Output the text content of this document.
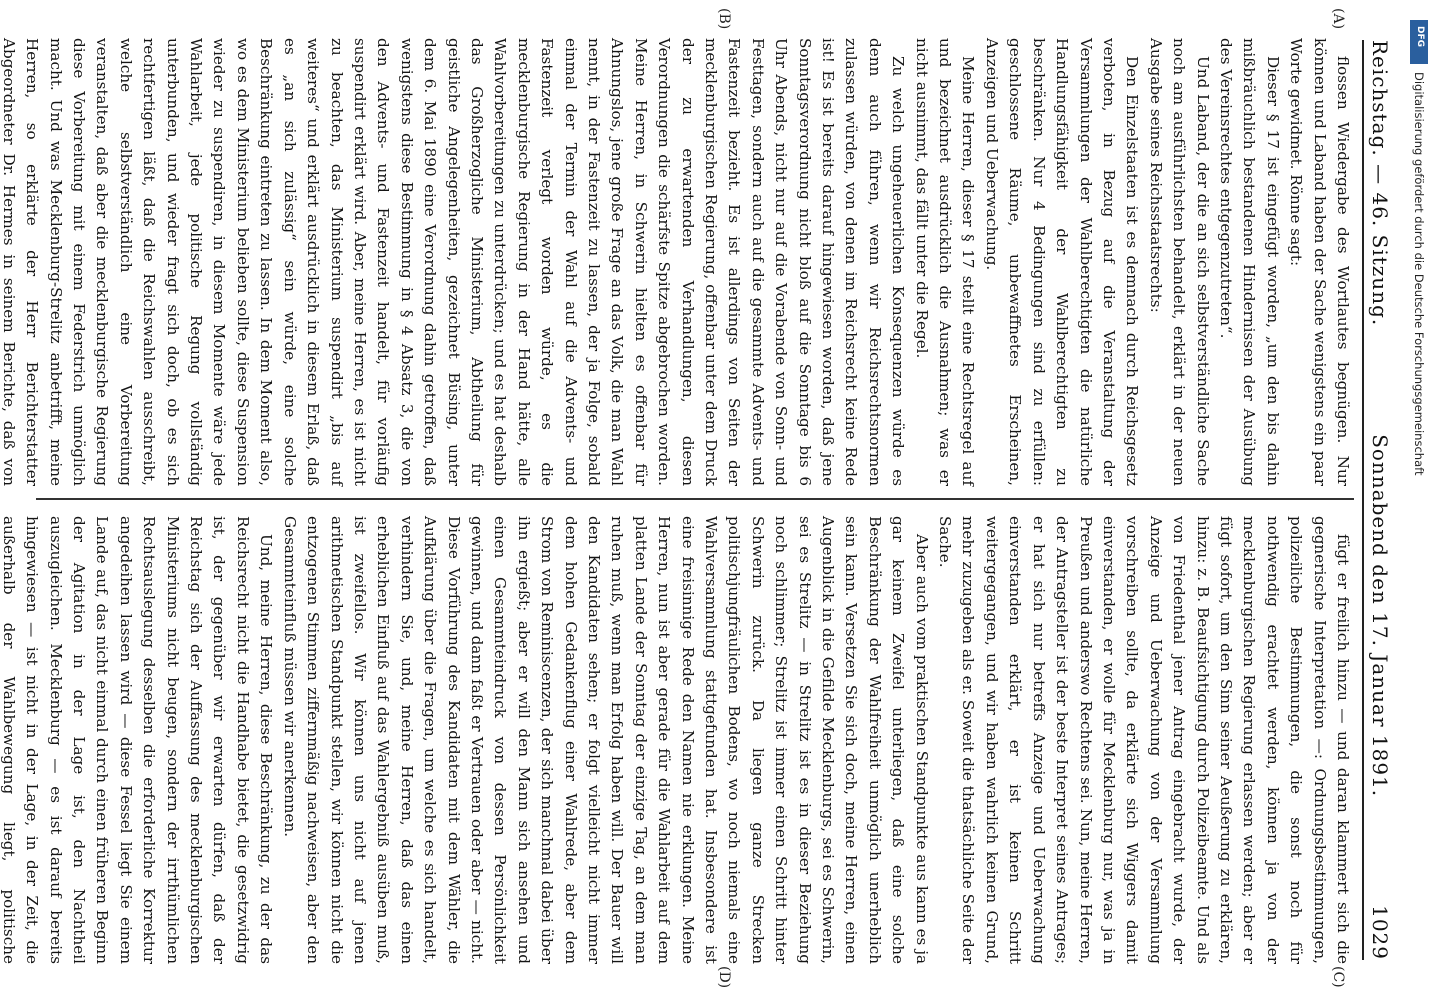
Reichstag. — 46. Sitzung.
Sonnabend den 17. Januar 1891.
1029
(A)
(B)
(C)
(D)

flossen Wiedergabe des Wortlautes begnügen. Nur können und Laband haben der Sache wenigstens ein paar Worte gewidmet. Rönne sagt:

Dieser § 17 ist eingefügt worden, „um den bis dahin mißbräuchlich bestandenen Hindernissen der Ausübung des Vereinsrechtes entgegenzutreten“.

Und Laband, der die an sich selbstverständliche Sache noch am ausführlichsten behandelt, erklärt in der neuen Ausgabe seines Reichsstaatsrechts:

Den Einzelstaaten ist es demnach durch Reichsgesetz verboten, in Bezug auf die Veranstaltung der Versammlungen der Wahlberechtigten die natürliche Handlungsfähigkeit der Wahlberechtigten zu beschränken. Nur 4 Bedingungen sind zu erfüllen: geschlossene Räume, unbewaffnetes Erscheinen, Anzeigen und Ueberwachung.

Meine Herren, dieser § 17 stellt eine Rechtsregel auf und bezeichnet ausdrücklich die Ausnahmen; was er nicht ausnimmt, das fällt unter die Regel.

Zu welch ungeheuerlichen Konsequenzen würde es denn auch führen, wenn wir Reichsrechtsnormen zulassen würden, von denen im Reichsrecht keine Rede ist! Es ist bereits darauf hingewiesen worden, daß jene Sonntagsverordnung nicht bloß auf die Sonntage bis 6 Uhr Abends, nicht nur auf die Vorabende von Sonn- und Festtagen, sondern auch auf die gesammte Advents- und Fastenzeit bezieht. Es ist allerdings von Seiten der mecklenburgischen Regierung, offenbar unter dem Druck der zu erwartenden Verhandlungen, diesen Verordnungen die schärfste Spitze abgebrochen worden. Meine Herren, in Schwerin hielten es offenbar für Ahnungslos, jene große Frage an das Volk, die man Wahl nennt, in der Fastenzeit zu lassen, der ja Folge, sobald einmal der Termin der Wahl auf die Advents- und Fastenzeit verlegt worden würde, es die mecklenburgische Regierung in der Hand hätte, alle Wahlvorbereitungen zu unterdrücken; und es hat deshalb das Großherzogliche Ministerium, Abtheilung für geistliche Angelegenheiten, gezeichnet Büsing, unter dem 6. Mai 1890 eine Verordnung dahin getroffen, daß wenigstens diese Bestimmung in § 4 Absatz 3, die von den Advents- und Fastenzeit handelt, für vorläufig suspendirt erklärt wird. Aber, meine Herren, es ist nicht zu beachten, das Ministerium suspendirt „bis auf weiteres“ und erklärt ausdrücklich in diesem Erlaß, daß es „an sich zulässig“ sein würde, eine solche Beschränkung eintreten zu lassen. In dem Moment also, wo es dem Ministerium belieben sollte, diese Suspension wieder zu suspendiren, in diesem Momente wäre jede Wahlarbeit, jede politische Regung vollständig unterbunden, und wieder fragt sich doch, ob es sich rechtfertigen läßt, daß die Reichswahlen ausschreibt, welche selbstverständlich eine Vorbereitung veranstalten, daß aber die mecklenburgische Regierung diese Vorbereitung mit einem Federstrich unmöglich macht. Und was Mecklenburg-Strelitz anbetrifft, meine Herren, so erklärte der Herr Berichterstatter Abgeordneter Dr. Hermes in seinem Berichte, daß von

fügt er freilich hinzu — und daran klammert sich die gegnerische Interpretation —: Ordnungsbestimmungen, polizeiliche Bestimmungen, die sonst noch für nothwendig erachtet werden, können ja von der mecklenburgischen Regierung erlassen werden; aber er fügt sofort, um den Sinn seiner Aeußerung zu erklären, hinzu: z. B. Beaufsichtigung durch Polizeibeamte. Und als von Friedenthal jener Antrag eingebracht wurde, der Anzeige und Ueberwachung von der Versammlung vorschreiben sollte, da erklärte sich Wiggers damit einverstanden, er wolle für Mecklenburg nur, was ja in Preußen und anderswo Rechtens sei. Nun, meine Herren, der Antragsteller ist der beste Interpret seines Antrages; er hat sich nur betreffs Anzeige und Ueberwachung einverstanden erklärt, er ist keinen Schritt weitergegangen, und wir haben wahrlich keinen Grund, mehr zuzugeben als er. Soweit die thatsächliche Seite der Sache.

Aber auch vom praktischen Standpunkte aus kann es ja gar keinem Zweifel unterliegen, daß eine solche Beschränkung der Wahlfreiheit unmöglich unerheblich sein kann. Versetzen Sie sich doch, meine Herren, einen Augenblick in die Gefilde Mecklenburgs, sei es Schwerin, sei es Strelitz — in Strelitz ist es in dieser Beziehung noch schlimmer; Strelitz ist immer einen Schritt hinter Schwerin zurück. Da liegen ganze Strecken politischjungfräulichen Bodens, wo noch niemals eine Wahlversammlung stattgefunden hat. Insbesondere ist eine freisinnige Rede den Namen nie erklungen. Meine Herren, nun ist aber gerade für die Wahlarbeit auf dem platten Lande der Sonntag der einzige Tag, an dem man ruhen muß, wenn man Erfolg haben will. Der Bauer will den Kandidaten sehen; er folgt vielleicht nicht immer dem hohen Gedankenflug einer Wahlrede, aber dem Strom von Reminiscenzen, der sich manchmal dabei über ihn ergießt; aber er will den Mann sich ansehen und einen Gesammteindruck von dessen Persönlichkeit gewinnen, und dann faßt er Vertrauen oder aber — nicht. Diese Vorführung des Kandidaten mit dem Wähler, die Aufklärung über die Fragen, um welche es sich handelt, verhindern Sie, und, meine Herren, daß das einen erheblichen Einfluß auf das Wahlergebniß ausüben muß, ist zweifellos. Wir können uns nicht auf jenen arithmetischen Standpunkt stellen, wir können nicht die entzogenen Stimmen ziffernmäßig nachweisen, aber den Gesammteinfluß müssen wir anerkennen.

Und, meine Herren, diese Beschränkung, zu der das Reichsrecht nicht die Handhabe bietet, die gesetzwidrig ist, der gegenüber wir erwarten dürfen, daß der Reichstag sich der Auffassung des mecklenburgischen Ministeriums nicht beugen, sondern der irrthümlichen Rechtsauslegung desselben die erforderliche Korrektur angedeihen lassen wird — diese Fessel liegt Sie einem Lande auf, das nicht einmal durch einen früheren Beginn der Agitation in der Lage ist, den Nachtheil auszugleichen. Mecklenburg — es ist darauf bereits hingewiesen — ist nicht in der Lage, in der Zeit, die außerhalb der Wahlbewegung liegt, politische

DFG
Digitalisierung gefördert durch die Deutsche Forschungsgemeinschaft
